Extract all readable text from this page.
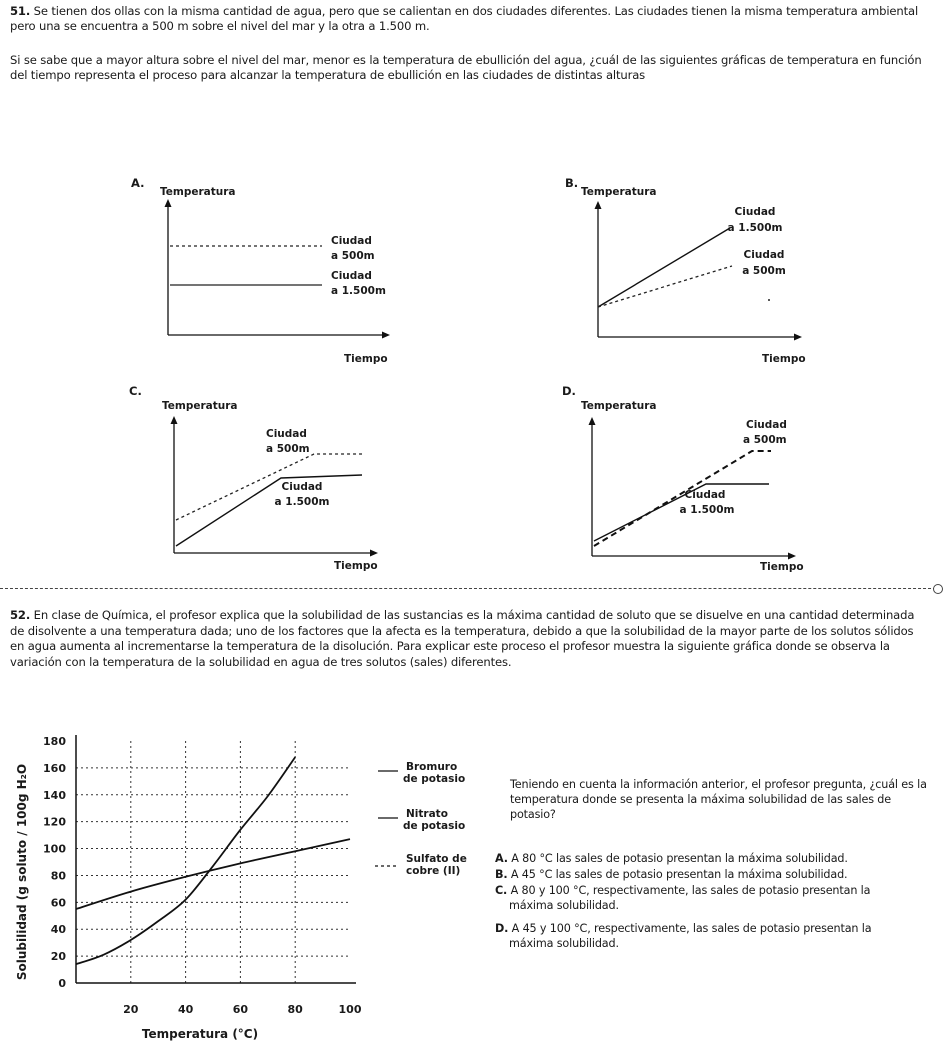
51. Se tienen dos ollas con la misma cantidad de agua, pero que se calientan en dos ciudades diferentes. Las ciudades tienen la misma temperatura ambiental pero una se encuentra a 500 m sobre el nivel del mar y la otra a 1.500 m.
Si se sabe que a mayor altura sobre el nivel del mar, menor es la temperatura de ebullición del agua, ¿cuál de las siguientes gráficas de temperatura en función del tiempo representa el proceso para alcanzar la temperatura de ebullición en las ciudades de distintas alturas
A.
Temperatura
Ciudad
a 500m
Ciudad
a 1.500m
Tiempo
B.
Temperatura
Ciudad
a 1.500m
Ciudad
a 500m
Tiempo
C.
Temperatura
Ciudad
a 500m
Ciudad
a 1.500m
Tiempo
D.
Temperatura
Ciudad
a 500m
Ciudad
a 1.500m
Tiempo
52. En clase de Química, el profesor explica que la solubilidad de las sustancias es la máxima cantidad de soluto que se disuelve en una cantidad determinada de disolvente a una temperatura dada; uno de los factores que la afecta es la temperatura, debido a que la solubilidad de la mayor parte de los solutos sólidos en agua aumenta al incrementarse la temperatura de la disolución. Para explicar este proceso el profesor muestra la siguiente gráfica donde se observa la variación con la temperatura de la solubilidad en agua de tres solutos (sales) diferentes.
0
20
40
60
80
100
120
140
160
180
20	40	60	80	100
Temperatura (°C)
Solubilidad (g soluto / 100g H₂O	Bromuro
de potasio
Nitrato
de potasio
Sulfato de
cobre (II)
Teniendo en cuenta la información anterior, el profesor pregunta, ¿cuál es la temperatura donde se presenta la máxima solubilidad de las sales de potasio?
A. A 80 °C las sales de potasio presentan la máxima solubilidad.
B. A 45 °C las sales de potasio presentan la máxima solubilidad.
C. A 80 y 100 °C, respectivamente, las sales de potasio presentan la
máxima solubilidad.
D. A 45 y 100 °C, respectivamente, las sales de potasio presentan la
máxima solubilidad.
